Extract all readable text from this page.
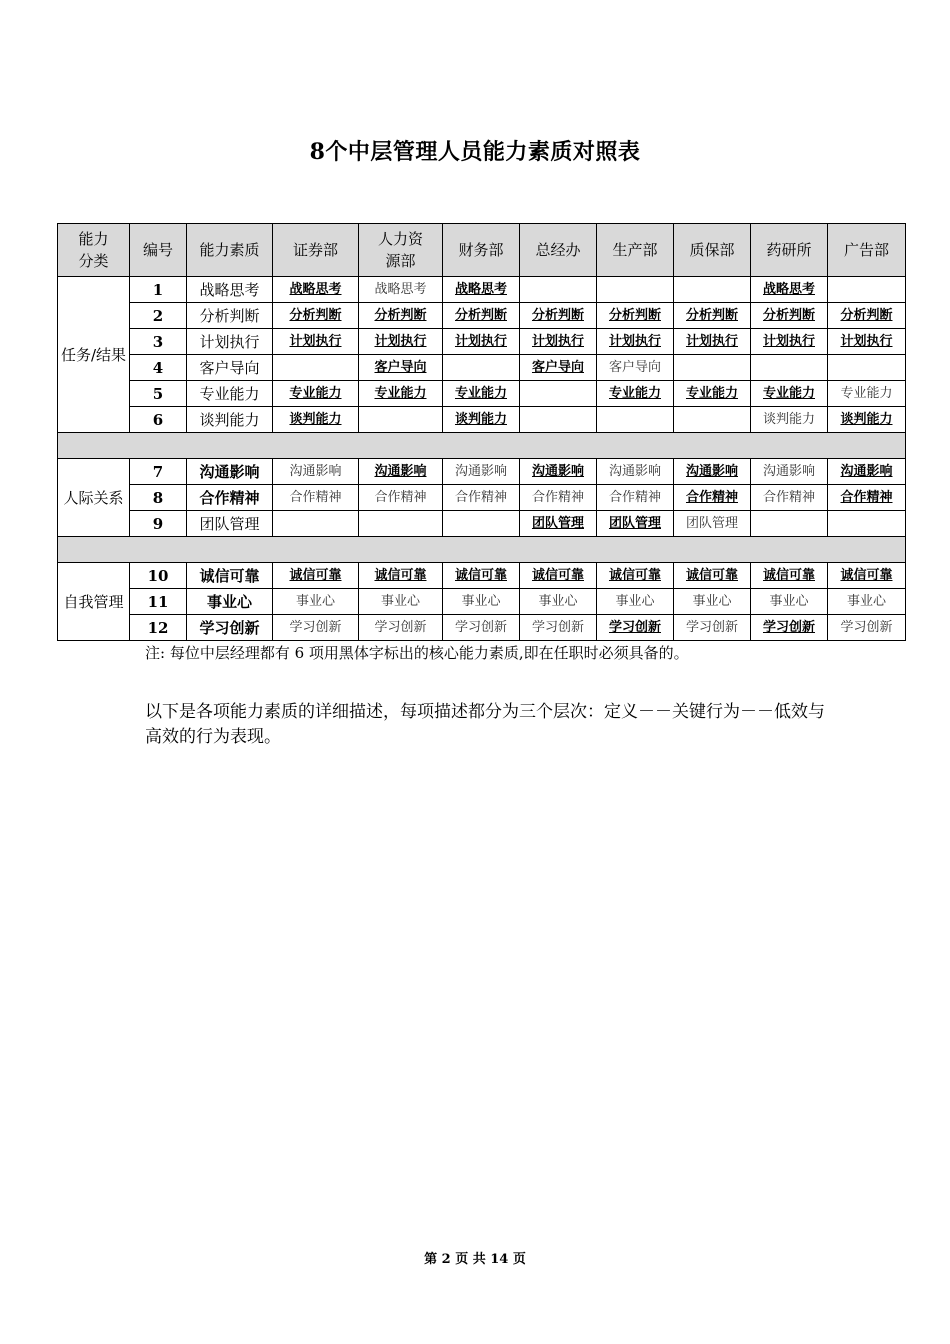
8个中层管理人员能力素质对照表
能力分类	编号	能力素质	证券部	人力资源部	财务部	总经办	生产部	质保部	药研所	广告部
任务/结果	1	战略思考	战略思考	战略思考	战略思考				战略思考	
	2	分析判断	分析判断	分析判断	分析判断	分析判断	分析判断	分析判断	分析判断	分析判断
	3	计划执行	计划执行	计划执行	计划执行	计划执行	计划执行	计划执行	计划执行	计划执行
	4	客户导向		客户导向		客户导向	客户导向			
	5	专业能力	专业能力	专业能力	专业能力		专业能力	专业能力	专业能力	专业能力
	6	谈判能力	谈判能力		谈判能力				谈判能力	谈判能力

人际关系	7	沟通影响	沟通影响	沟通影响	沟通影响	沟通影响	沟通影响	沟通影响	沟通影响	沟通影响
	8	合作精神	合作精神	合作精神	合作精神	合作精神	合作精神	合作精神	合作精神	合作精神
	9	团队管理				团队管理	团队管理	团队管理		

自我管理	10	诚信可靠	诚信可靠	诚信可靠	诚信可靠	诚信可靠	诚信可靠	诚信可靠	诚信可靠	诚信可靠
	11	事业心	事业心	事业心	事业心	事业心	事业心	事业心	事业心	事业心
	12	学习创新	学习创新	学习创新	学习创新	学习创新	学习创新	学习创新	学习创新	学习创新
注: 每位中层经理都有 6 项用黑体字标出的核心能力素质,即在任职时必须具备的。
以下是各项能力素质的详细描述，每项描述都分为三个层次：定义－－关键行为－－低效与高效的行为表现。
第 2 页 共 14 页
